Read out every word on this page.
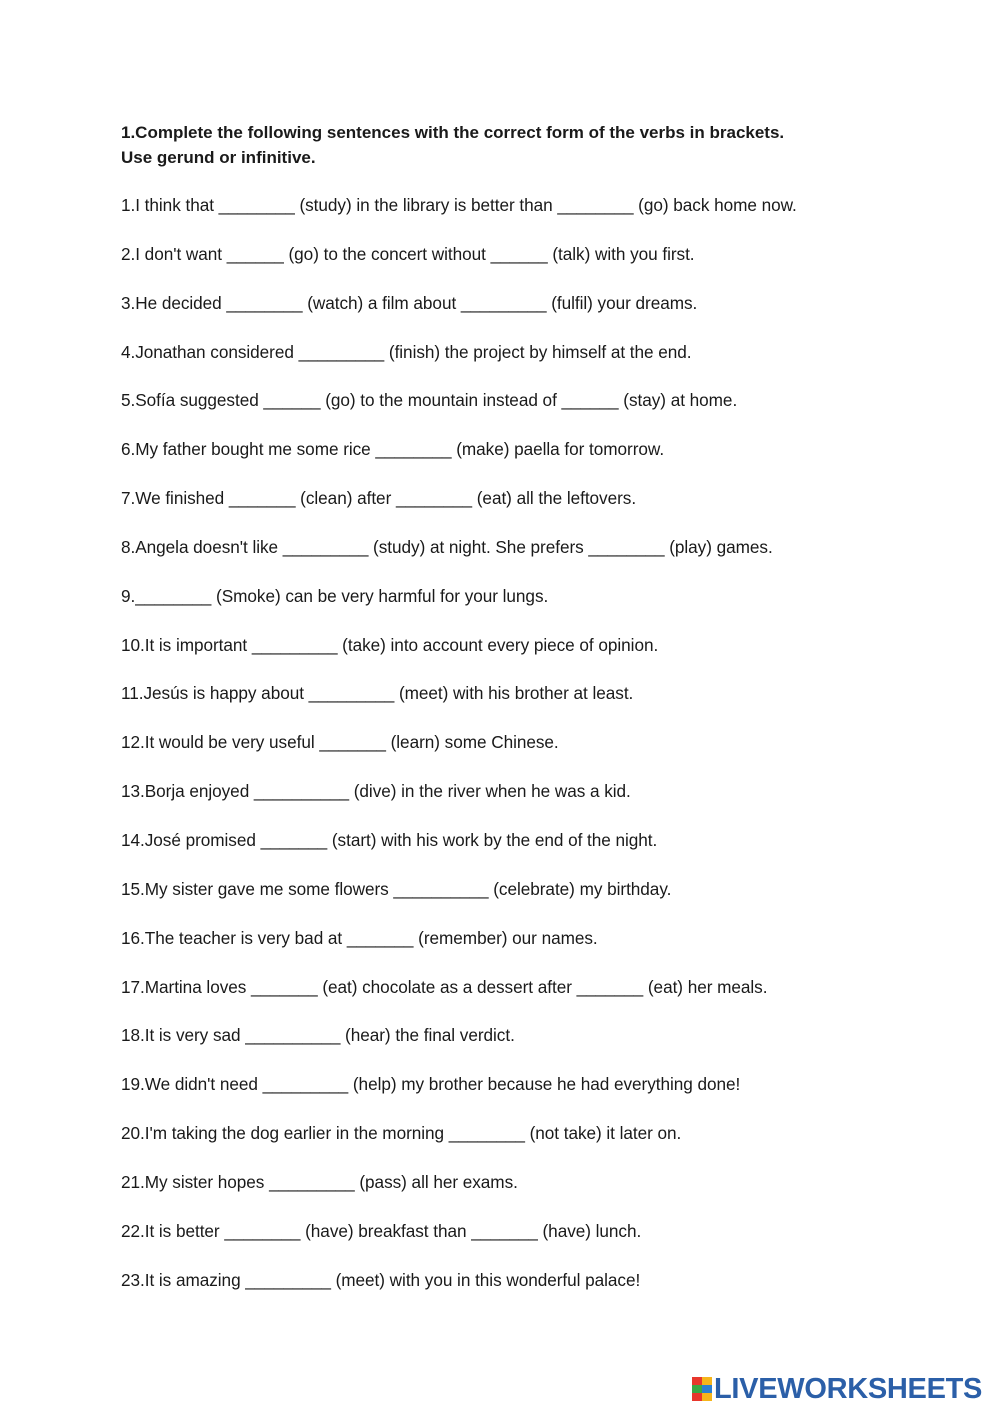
1.Complete the following sentences with the correct form of the verbs in brackets.
Use gerund or infinitive.
1.I think that ________ (study) in the library is better than ________ (go) back home now.
2.I don't want ______ (go) to the concert without ______ (talk) with you first.
3.He decided ________ (watch) a film about _________ (fulfil) your dreams.
4.Jonathan considered _________ (finish) the project by himself at the end.
5.Sofía suggested ______ (go) to the mountain instead of ______ (stay) at home.
6.My father bought me some rice ________ (make) paella for tomorrow.
7.We finished _______ (clean) after ________ (eat) all the leftovers.
8.Angela doesn't like _________ (study) at night. She prefers ________ (play) games.
9.________ (Smoke) can be very harmful for your lungs.
10.It is important _________ (take) into account every piece of opinion.
11.Jesús is happy about _________ (meet) with his brother at least.
12.It would be very useful _______ (learn) some Chinese.
13.Borja enjoyed __________ (dive) in the river when he was a kid.
14.José promised _______ (start) with his work by the end of the night.
15.My sister gave me some flowers __________ (celebrate) my birthday.
16.The teacher is very bad at _______ (remember) our names.
17.Martina loves _______ (eat) chocolate as a dessert after _______ (eat) her meals.
18.It is very sad __________ (hear) the final verdict.
19.We didn't need _________ (help) my brother because he had everything done!
20.I'm taking the dog earlier in the morning ________ (not take) it later on.
21.My sister hopes _________ (pass) all her exams.
22.It is better ________ (have) breakfast than _______ (have) lunch.
23.It is amazing _________ (meet) with you in this wonderful palace!
LIVEWORKSHEETS
